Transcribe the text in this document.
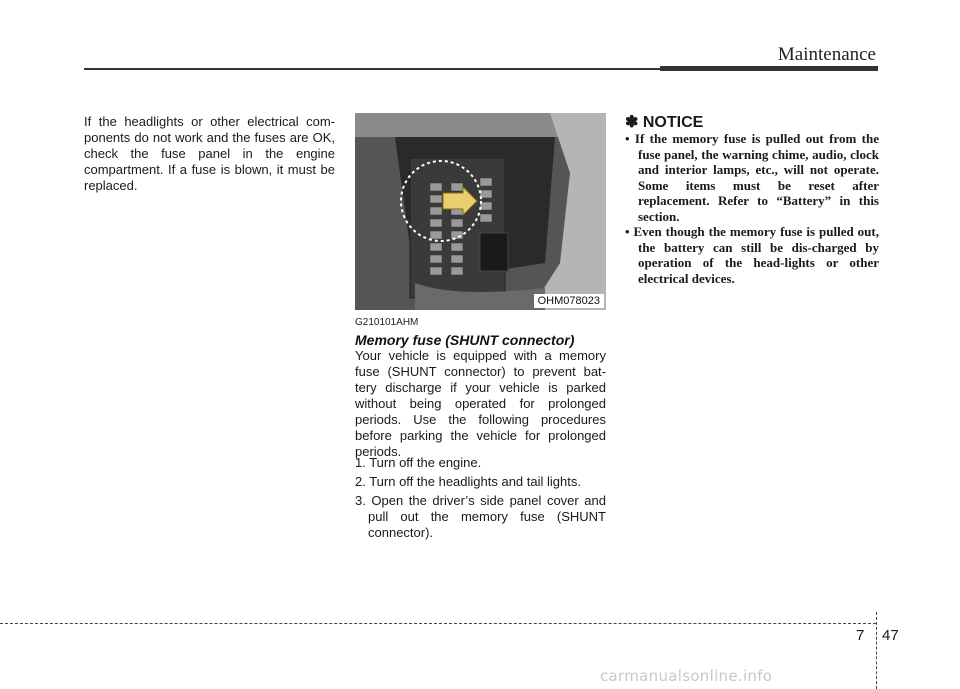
Maintenance
If the headlights or other electrical com-ponents do not work and the fuses are OK, check the fuse panel in the engine compartment. If a fuse is blown, it must be replaced.
OHM078023
G210101AHM
Memory fuse (SHUNT connector)

Your vehicle is equipped with a memory fuse (SHUNT connector) to prevent bat-tery discharge if your vehicle is parked without being operated for prolonged periods. Use the following procedures before parking the vehicle for prolonged periods.

1. Turn off the engine.
2. Turn off the headlights and tail lights.
3. Open the driver’s side panel cover and pull out the memory fuse (SHUNT connector).
✽ NOTICE
• If the memory fuse is pulled out from the fuse panel, the warning chime, audio, clock and interior lamps, etc., will not operate. Some items must be reset after replacement. Refer to “Battery” in this section.
• Even though the memory fuse is pulled out, the battery can still be dis-charged by operation of the head-lights or other electrical devices.
7 47
carmanualsonline.info
